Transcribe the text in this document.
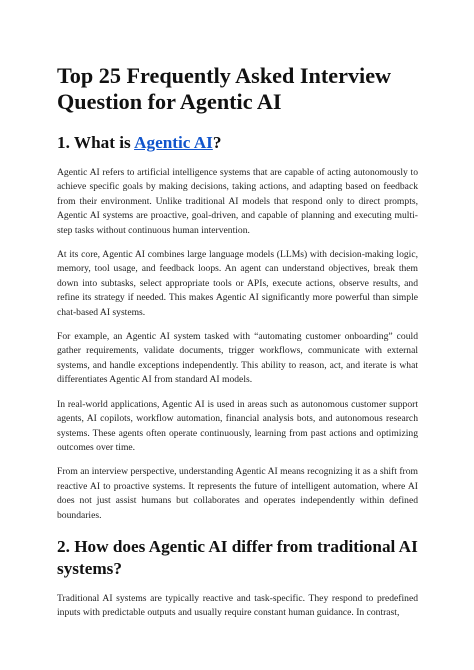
Top 25 Frequently Asked Interview Question for Agentic AI
1. What is Agentic AI?

Agentic AI refers to artificial intelligence systems that are capable of acting autonomously to achieve specific goals by making decisions, taking actions, and adapting based on feedback from their environment. Unlike traditional AI models that respond only to direct prompts, Agentic AI systems are proactive, goal-driven, and capable of planning and executing multi-step tasks without continuous human intervention.

At its core, Agentic AI combines large language models (LLMs) with decision-making logic, memory, tool usage, and feedback loops. An agent can understand objectives, break them down into subtasks, select appropriate tools or APIs, execute actions, observe results, and refine its strategy if needed. This makes Agentic AI significantly more powerful than simple chat-based AI systems.

For example, an Agentic AI system tasked with “automating customer onboarding” could gather requirements, validate documents, trigger workflows, communicate with external systems, and handle exceptions independently. This ability to reason, act, and iterate is what differentiates Agentic AI from standard AI models.

In real-world applications, Agentic AI is used in areas such as autonomous customer support agents, AI copilots, workflow automation, financial analysis bots, and autonomous research systems. These agents often operate continuously, learning from past actions and optimizing outcomes over time.

From an interview perspective, understanding Agentic AI means recognizing it as a shift from reactive AI to proactive systems. It represents the future of intelligent automation, where AI does not just assist humans but collaborates and operates independently within defined boundaries.

2. How does Agentic AI differ from traditional AI systems?

Traditional AI systems are typically reactive and task-specific. They respond to predefined inputs with predictable outputs and usually require constant human guidance. In contrast,
